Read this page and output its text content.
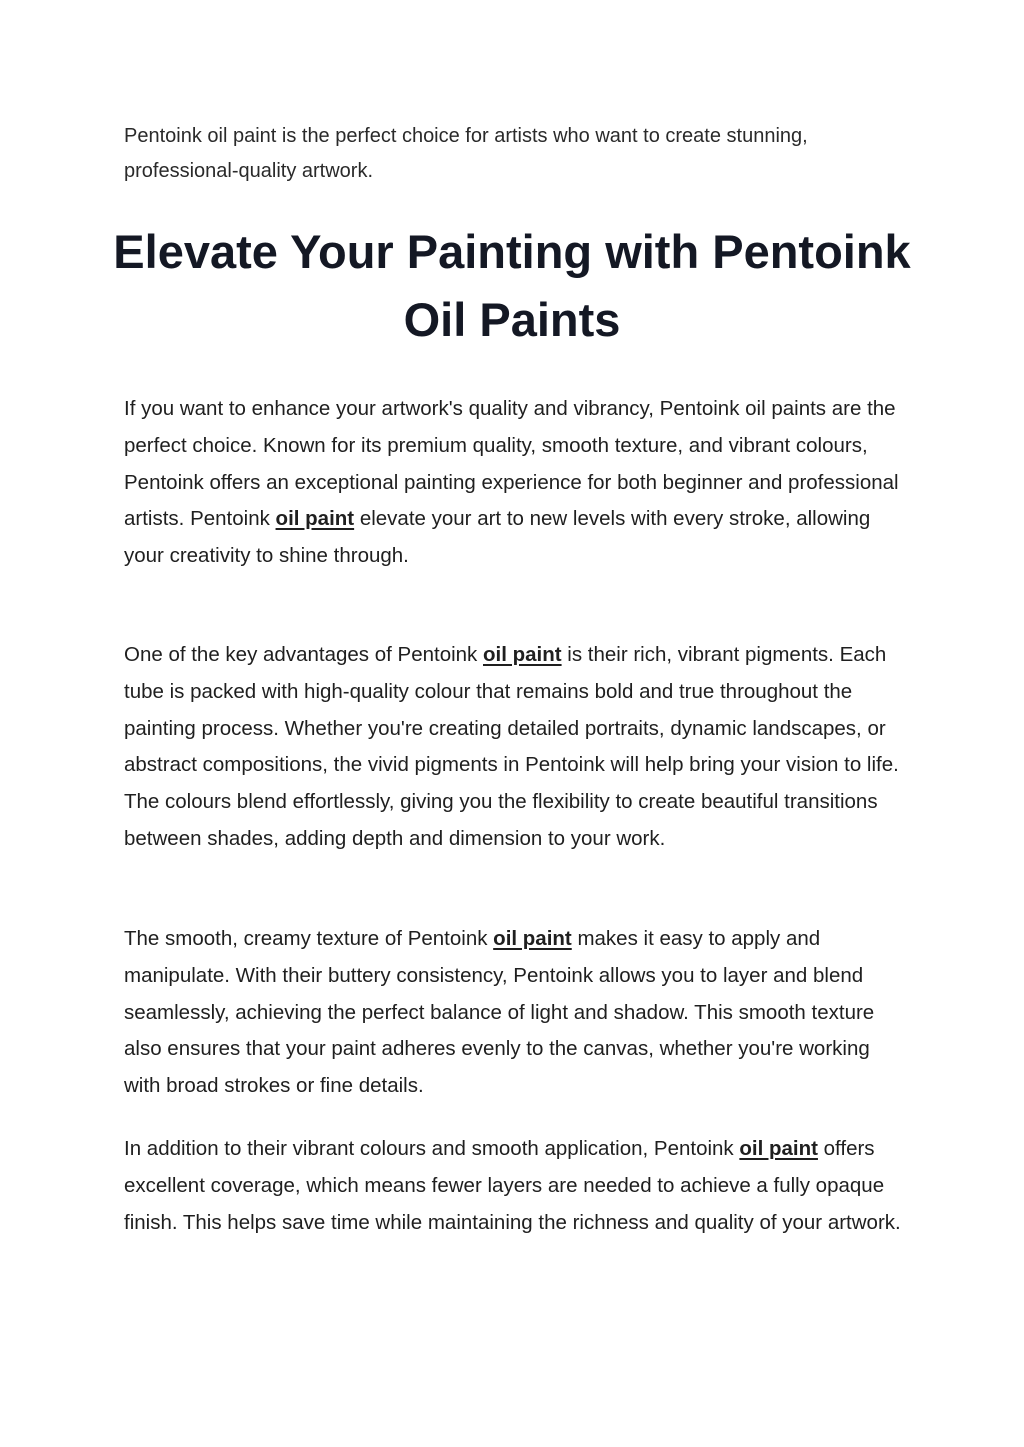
Pentoink oil paint is the perfect choice for artists who want to create stunning, professional-quality artwork.

Elevate Your Painting with Pentoink Oil Paints

If you want to enhance your artwork's quality and vibrancy, Pentoink oil paints are the perfect choice. Known for its premium quality, smooth texture, and vibrant colours, Pentoink offers an exceptional painting experience for both beginner and professional artists. Pentoink oil paint elevate your art to new levels with every stroke, allowing your creativity to shine through.

One of the key advantages of Pentoink oil paint is their rich, vibrant pigments. Each tube is packed with high-quality colour that remains bold and true throughout the painting process. Whether you're creating detailed portraits, dynamic landscapes, or abstract compositions, the vivid pigments in Pentoink will help bring your vision to life. The colours blend effortlessly, giving you the flexibility to create beautiful transitions between shades, adding depth and dimension to your work.

The smooth, creamy texture of Pentoink oil paint makes it easy to apply and manipulate. With their buttery consistency, Pentoink allows you to layer and blend seamlessly, achieving the perfect balance of light and shadow. This smooth texture also ensures that your paint adheres evenly to the canvas, whether you're working with broad strokes or fine details.

In addition to their vibrant colours and smooth application, Pentoink oil paint offers excellent coverage, which means fewer layers are needed to achieve a fully opaque finish. This helps save time while maintaining the richness and quality of your artwork.
